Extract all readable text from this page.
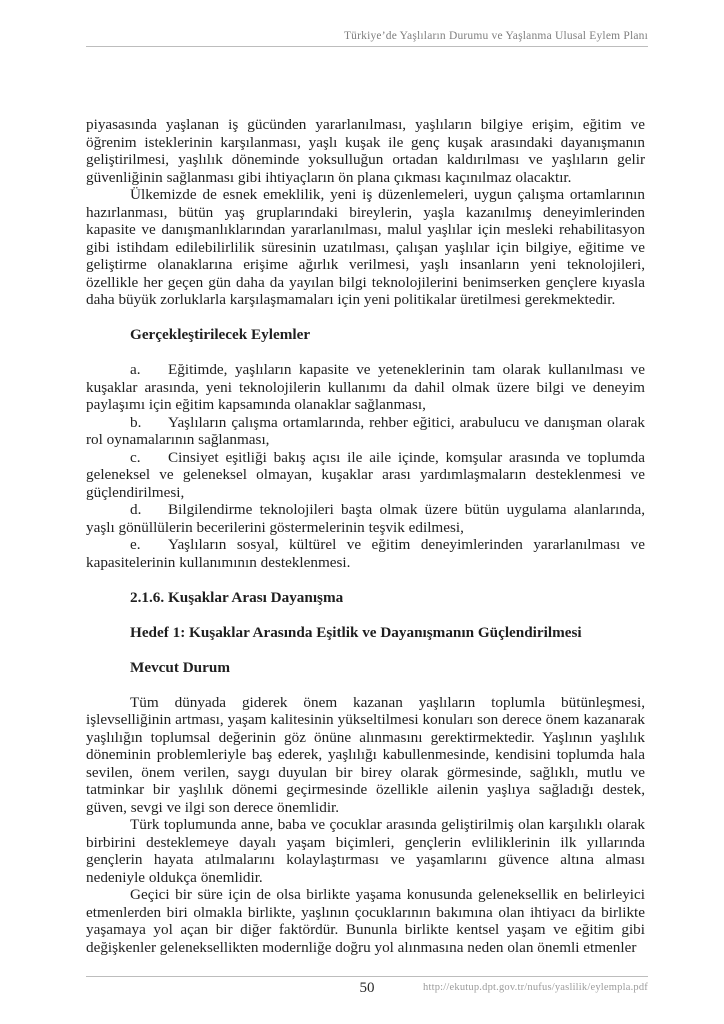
Türkiye’de Yaşlıların Durumu ve Yaşlanma Ulusal Eylem Planı

piyasasında yaşlanan iş gücünden yararlanılması, yaşlıların bilgiye erişim, eğitim ve öğrenim isteklerinin karşılanması, yaşlı kuşak ile genç kuşak arasındaki dayanışmanın geliştirilmesi, yaşlılık döneminde yoksulluğun ortadan kaldırılması ve yaşlıların gelir güvenliğinin sağlanması gibi ihtiyaçların ön plana çıkması kaçınılmaz olacaktır.

Ülkemizde de esnek emeklilik, yeni iş düzenlemeleri, uygun çalışma ortamlarının hazırlanması, bütün yaş gruplarındaki bireylerin, yaşla kazanılmış deneyimlerinden kapasite ve danışmanlıklarından yararlanılması, malul yaşlılar için mesleki rehabilitasyon gibi istihdam edilebilirlilik süresinin uzatılması, çalışan yaşlılar için bilgiye, eğitime ve geliştirme olanaklarına erişime ağırlık verilmesi, yaşlı insanların yeni teknolojileri, özellikle her geçen gün daha da yayılan bilgi teknolojilerini benimserken gençlere kıyasla daha büyük zorluklarla karşılaşmamaları için yeni politikalar üretilmesi gerekmektedir.

Gerçekleştirilecek Eylemler

a. Eğitimde, yaşlıların kapasite ve yeteneklerinin tam olarak kullanılması ve kuşaklar arasında, yeni teknolojilerin kullanımı da dahil olmak üzere bilgi ve deneyim paylaşımı için eğitim kapsamında olanaklar sağlanması,

b. Yaşlıların çalışma ortamlarında, rehber eğitici, arabulucu ve danışman olarak rol oynamalarının sağlanması,

c. Cinsiyet eşitliği bakış açısı ile aile içinde, komşular arasında ve toplumda geleneksel ve geleneksel olmayan, kuşaklar arası yardımlaşmaların desteklenmesi ve güçlendirilmesi,

d. Bilgilendirme teknolojileri başta olmak üzere bütün uygulama alanlarında, yaşlı gönüllülerin becerilerini göstermelerinin teşvik edilmesi,

e. Yaşlıların sosyal, kültürel ve eğitim deneyimlerinden yararlanılması ve kapasitelerinin kullanımının desteklenmesi.

2.1.6. Kuşaklar Arası Dayanışma
Hedef 1: Kuşaklar Arasında Eşitlik ve Dayanışmanın Güçlendirilmesi
Mevcut Durum

Tüm dünyada giderek önem kazanan yaşlıların toplumla bütünleşmesi, işlevselliğinin artması, yaşam kalitesinin yükseltilmesi konuları son derece önem kazanarak yaşlılığın toplumsal değerinin göz önüne alınmasını gerektirmektedir. Yaşlının yaşlılık döneminin problemleriyle baş ederek, yaşlılığı kabullenmesinde, kendisini toplumda hala sevilen, önem verilen, saygı duyulan bir birey olarak görmesinde, sağlıklı, mutlu ve tatminkar bir yaşlılık dönemi geçirmesinde özellikle ailenin yaşlıya sağladığı destek, güven, sevgi ve ilgi son derece önemlidir.

Türk toplumunda anne, baba ve çocuklar arasında geliştirilmiş olan karşılıklı olarak birbirini desteklemeye dayalı yaşam biçimleri, gençlerin evliliklerinin ilk yıllarında gençlerin hayata atılmalarını kolaylaştırması ve yaşamlarını güvence altına alması nedeniyle oldukça önemlidir.

Geçici bir süre için de olsa birlikte yaşama konusunda geleneksellik en belirleyici etmenlerden biri olmakla birlikte, yaşlının çocuklarının bakımına olan ihtiyacı da birlikte yaşamaya yol açan bir diğer faktördür. Bununla birlikte kentsel yaşam ve eğitim gibi değişkenler geleneksellikten modernliğe doğru yol alınmasına neden olan önemli etmenler

50	http://ekutup.dpt.gov.tr/nufus/yaslilik/eylempla.pdf
